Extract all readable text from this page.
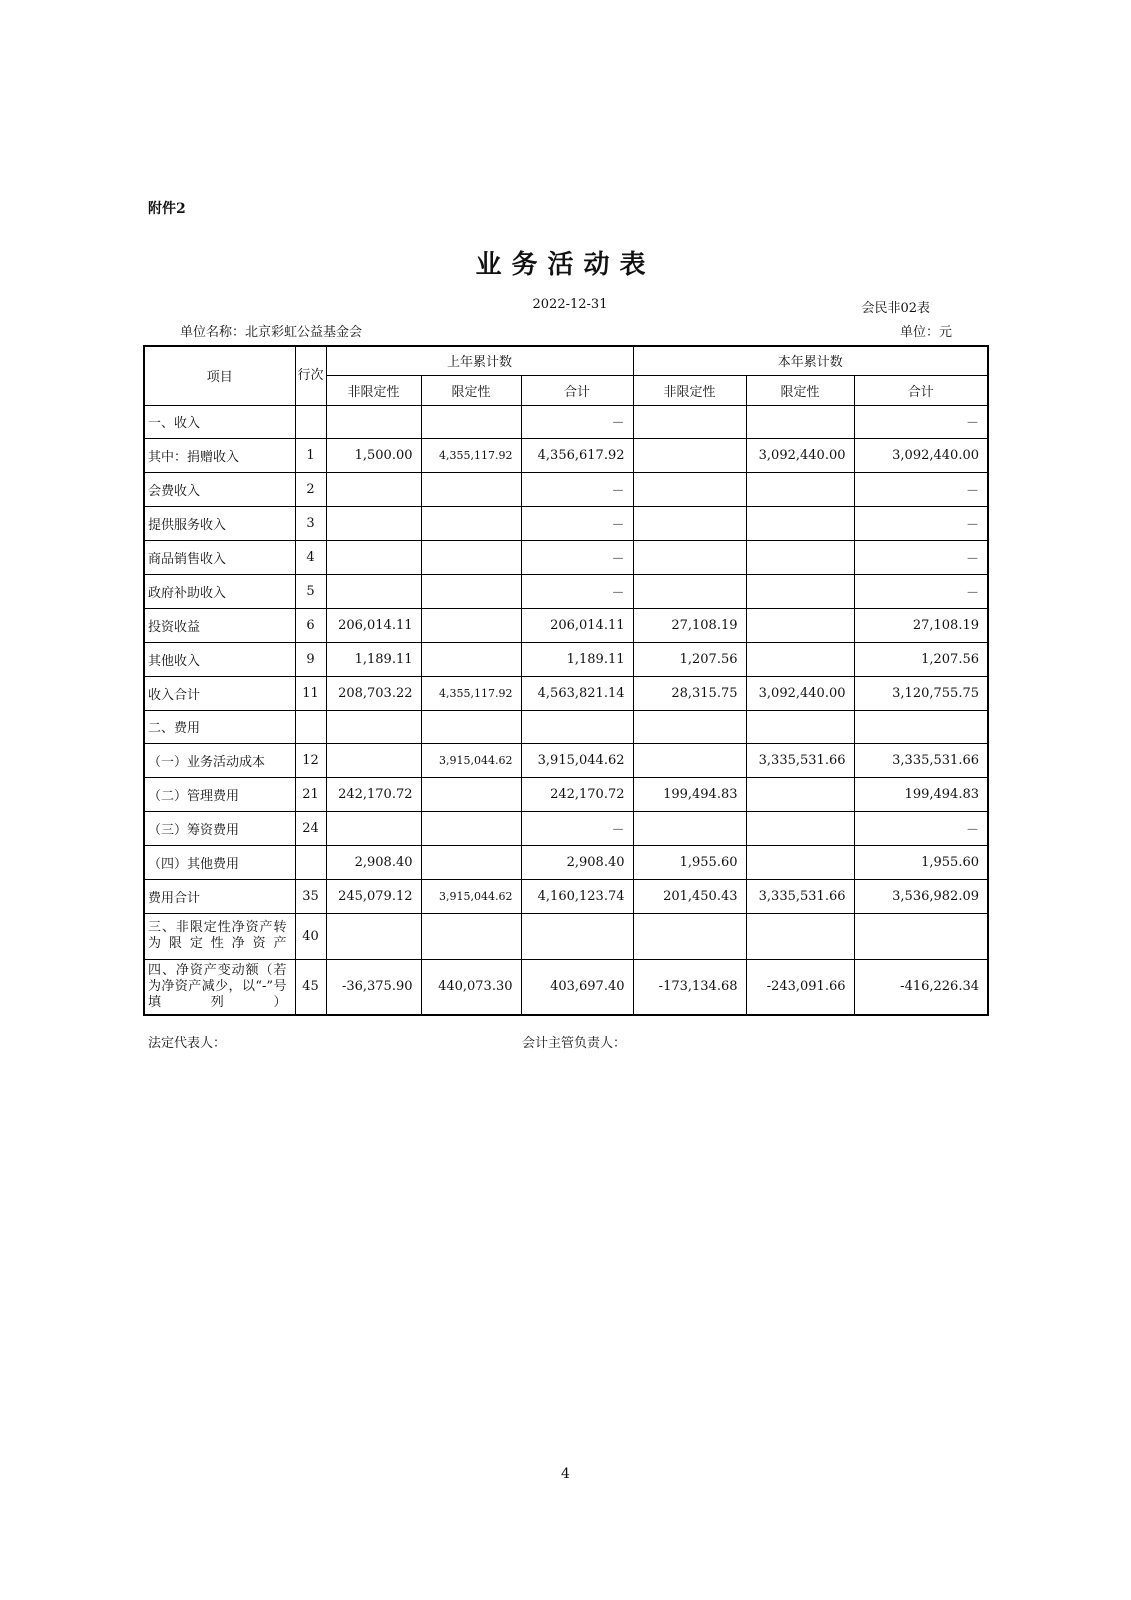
附件2
业务活动表
2022-12-31	会民非02表
单位名称：北京彩虹公益基金会	单位：元
项目	行次	上年累计数			本年累计数		
		非限定性	限定性	合计	非限定性	限定性	合计
一、收入				－			－
其中：捐赠收入	1	1,500.00	4,355,117.92	4,356,617.92		3,092,440.00	3,092,440.00
会费收入	2			－			－
提供服务收入	3			－			－
商品销售收入	4			－			－
政府补助收入	5			－			－
投资收益	6	206,014.11		206,014.11	27,108.19		27,108.19
其他收入	9	1,189.11		1,189.11	1,207.56		1,207.56
收入合计	11	208,703.22	4,355,117.92	4,563,821.14	28,315.75	3,092,440.00	3,120,755.75
二、费用							
（一）业务活动成本	12		3,915,044.62	3,915,044.62		3,335,531.66	3,335,531.66
（二）管理费用	21	242,170.72		242,170.72	199,494.83		199,494.83
（三）筹资费用	24			－			－
（四）其他费用		2,908.40		2,908.40	1,955.60		1,955.60
费用合计	35	245,079.12	3,915,044.62	4,160,123.74	201,450.43	3,335,531.66	3,536,982.09
三、非限定性净资产转为限定性净资产	40						
四、净资产变动额（若为净资产减少，以“-”号填列）	45	-36,375.90	440,073.30	403,697.40	-173,134.68	-243,091.66	-416,226.34
法定代表人：	会计主管负责人：
4
